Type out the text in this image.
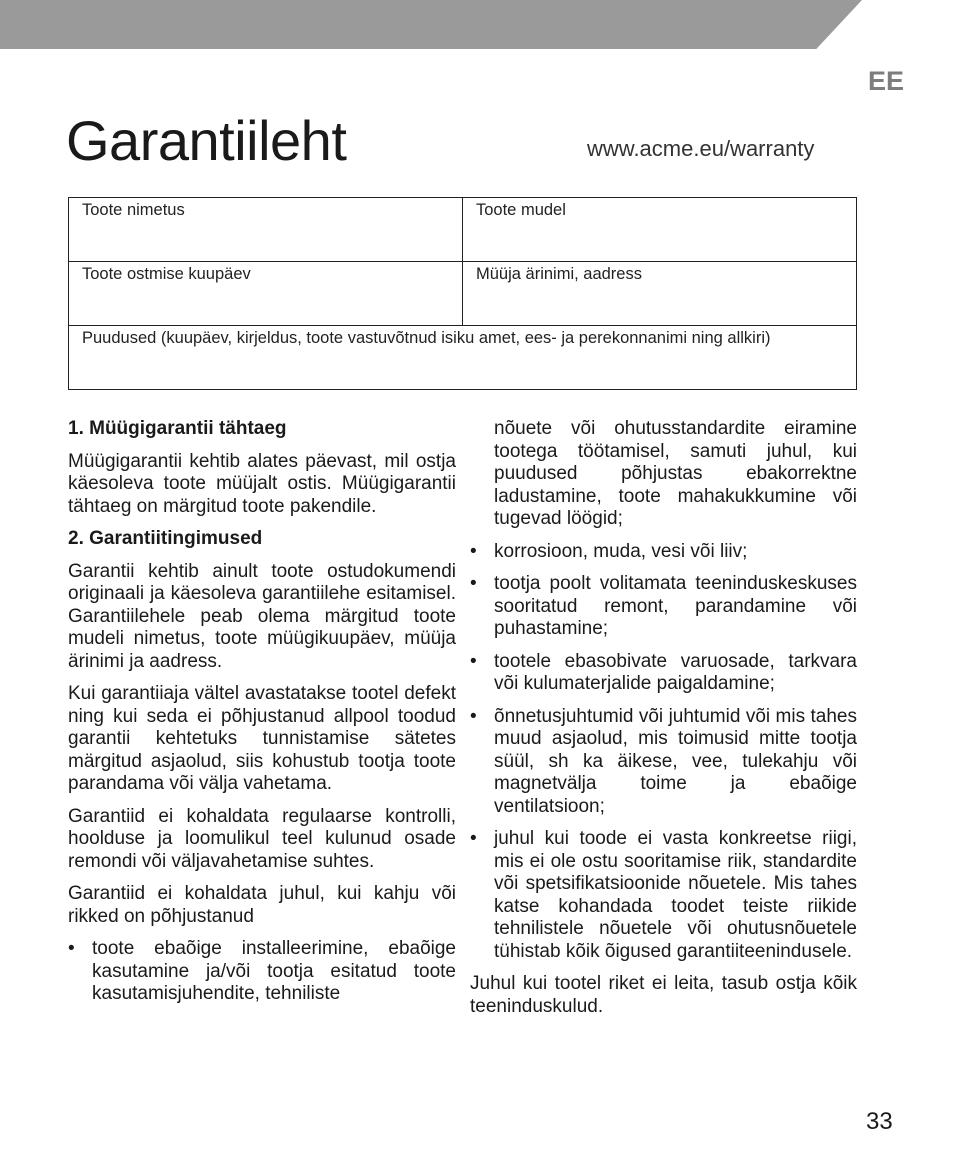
EE
Garantiileht	www.acme.eu/warranty
Toote nimetus	Toote mudel
Toote ostmise kuupäev	Müüja ärinimi, aadress
Puudused (kuupäev, kirjeldus, toote vastuvõtnud isiku amet, ees- ja perekonnanimi ning allkiri)	
1. Müügigarantii tähtaeg

Müügigarantii kehtib alates päevast, mil ostja käesoleva toote müüjalt ostis. Müügigarantii tähtaeg on märgitud toote pakendile.

2. Garantiitingimused

Garantii kehtib ainult toote ostudokumendi originaali ja käesoleva garantiilehe esitamisel. Garantiilehele peab olema märgitud toote mudeli nimetus, toote müügikuupäev, müüja ärinimi ja aadress.

Kui garantiiaja vältel avastatakse tootel defekt ning kui seda ei põhjustanud allpool toodud garantii kehtetuks tunnistamise sätetes märgitud asjaolud, siis kohustub tootja toote parandama või välja vahetama.

Garantiid ei kohaldata regulaarse kontrolli, hoolduse ja loomulikul teel kulunud osade remondi või väljavahetamise suhtes.

Garantiid ei kohaldata juhul, kui kahju või rikked on põhjustanud

• toote ebaõige installeerimine, ebaõige kasutamine ja/või tootja esitatud toote kasutamisjuhendite, tehniliste

nõuete või ohutusstandardite eiramine tootega töötamisel, samuti juhul, kui puudused põhjustas ebakorrektne ladustamine, toote mahakukkumine või tugevad löögid;

• korrosioon, muda, vesi või liiv;
• tootja poolt volitamata teeninduskeskuses sooritatud remont, parandamine või puhastamine;
• tootele ebasobivate varuosade, tarkvara või kulumaterjalide paigaldamine;
• õnnetusjuhtumid või juhtumid või mis tahes muud asjaolud, mis toimusid mitte tootja süül, sh ka äikese, vee, tulekahju või magnetvälja toime ja ebaõige ventilatsioon;
• juhul kui toode ei vasta konkreetse riigi, mis ei ole ostu sooritamise riik, standardite või spetsifikatsioonide nõuetele. Mis tahes katse kohandada toodet teiste riikide tehnilistele nõuetele või ohutusnõuetele tühistab kõik õigused garantiiteenindusele.

Juhul kui tootel riket ei leita, tasub ostja kõik teeninduskulud.

33
